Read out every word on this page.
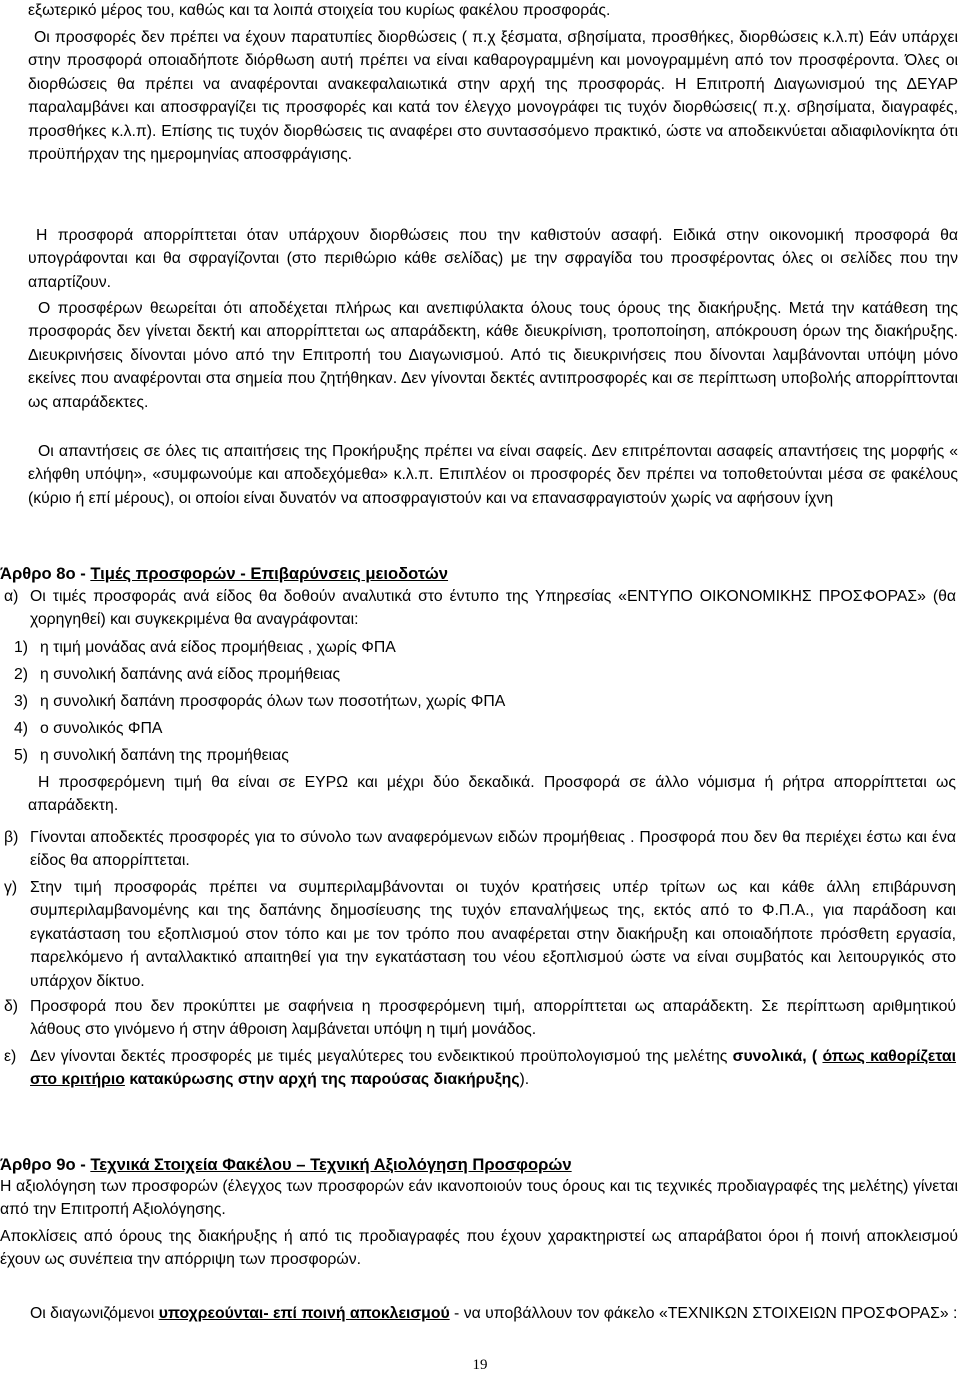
εξωτερικό μέρος του, καθώς και τα λοιπά στοιχεία του κυρίως φακέλου προσφοράς.

Οι προσφορές δεν πρέπει να έχουν παρατυπίες διορθώσεις ( π.χ ξέσματα, σβησίματα, προσθήκες, διορθώσεις κ.λ.π) Εάν υπάρχει στην προσφορά οποιαδήποτε διόρθωση αυτή πρέπει να είναι καθαρογραμμένη και μονογραμμένη από τον προσφέροντα. Όλες οι διορθώσεις θα πρέπει να αναφέρονται ανακεφαλαιωτικά στην αρχή της προσφοράς. Η Επιτροπή Διαγωνισμού της ΔΕΥΑΡ παραλαμβάνει και αποσφραγίζει τις προσφορές και κατά τον έλεγχο μονογράφει τις τυχόν διορθώσεις( π.χ. σβησίματα, διαγραφές, προσθήκες κ.λ.π). Επίσης τις τυχόν διορθώσεις τις αναφέρει στο συντασσόμενο πρακτικό, ώστε να αποδεικνύεται αδιαφιλονίκητα ότι προϋπήρχαν της ημερομηνίας αποσφράγισης.

Η προσφορά απορρίπτεται όταν υπάρχουν διορθώσεις που την καθιστούν ασαφή. Ειδικά στην οικονομική προσφορά θα υπογράφονται και θα σφραγίζονται (στο περιθώριο κάθε σελίδας) με την σφραγίδα του προσφέροντας όλες οι σελίδες που την απαρτίζουν.

Ο προσφέρων θεωρείται ότι αποδέχεται πλήρως και ανεπιφύλακτα όλους τους όρους της διακήρυξης. Μετά την κατάθεση της προσφοράς δεν γίνεται δεκτή και απορρίπτεται ως απαράδεκτη, κάθε διευκρίνιση, τροποποίηση, απόκρουση όρων της διακήρυξης. Διευκρινήσεις δίνονται μόνο από την Επιτροπή του Διαγωνισμού. Από τις διευκρινήσεις που δίνονται λαμβάνονται υπόψη μόνο εκείνες που αναφέρονται στα σημεία που ζητήθηκαν. Δεν γίνονται δεκτές αντιπροσφορές και σε περίπτωση υποβολής απορρίπτονται ως απαράδεκτες.

Οι απαντήσεις σε όλες τις απαιτήσεις της Προκήρυξης πρέπει να είναι σαφείς. Δεν επιτρέπονται ασαφείς απαντήσεις της μορφής « ελήφθη υπόψη», «συμφωνούμε και αποδεχόμεθα» κ.λ.π. Επιπλέον οι προσφορές δεν πρέπει να τοποθετούνται μέσα σε φακέλους (κύριο ή επί μέρους), οι οποίοι είναι δυνατόν να αποσφραγιστούν και να επανασφραγιστούν χωρίς να αφήσουν ίχνη

Άρθρο 8ο - Τιμές προσφορών - Επιβαρύνσεις μειοδοτών
α) Οι τιμές προσφοράς ανά είδος θα δοθούν αναλυτικά στο έντυπο της Υπηρεσίας «ΕΝΤΥΠΟ ΟΙΚΟΝΟΜΙΚΗΣ ΠΡΟΣΦΟΡΑΣ» (θα χορηγηθεί) και συγκεκριμένα θα αναγράφονται:
1) η τιμή μονάδας ανά είδος προμήθειας , χωρίς ΦΠΑ
2) η συνολική δαπάνης ανά είδος προμήθειας
3) η συνολική δαπάνη προσφοράς όλων των ποσοτήτων, χωρίς ΦΠΑ
4) ο συνολικός ΦΠΑ
5) η συνολική δαπάνη της προμήθειας

Η προσφερόμενη τιμή θα είναι σε ΕΥΡΩ και μέχρι δύο δεκαδικά. Προσφορά σε άλλο νόμισμα ή ρήτρα απορρίπτεται ως απαράδεκτη.

β) Γίνονται αποδεκτές προσφορές για το σύνολο των αναφερόμενων ειδών προμήθειας . Προσφορά που δεν θα περιέχει έστω και ένα είδος θα απορρίπτεται.
γ) Στην τιμή προσφοράς πρέπει να συμπεριλαμβάνονται οι τυχόν κρατήσεις υπέρ τρίτων ως και κάθε άλλη επιβάρυνση συμπεριλαμβανομένης και της δαπάνης δημοσίευσης της τυχόν επαναλήψεως της, εκτός από το Φ.Π.Α., για παράδοση και εγκατάσταση του εξοπλισμού στον τόπο και με τον τρόπο που αναφέρεται στην διακήρυξη και οποιαδήποτε πρόσθετη εργασία, παρελκόμενο ή ανταλλακτικό απαιτηθεί για την εγκατάσταση του νέου εξοπλισμού ώστε να είναι συμβατός και λειτουργικός στο υπάρχον δίκτυο.
δ) Προσφορά που δεν προκύπτει με σαφήνεια η προσφερόμενη τιμή, απορρίπτεται ως απαράδεκτη. Σε περίπτωση αριθμητικού λάθους στο γινόμενο ή στην άθροιση λαμβάνεται υπόψη η τιμή μονάδος.
ε) Δεν γίνονται δεκτές προσφορές με τιμές μεγαλύτερες του ενδεικτικού προϋπολογισμού της μελέτης συνολικά, ( όπως καθορίζεται στο κριτήριο κατακύρωσης στην αρχή της παρούσας διακήρυξης).
Άρθρο 9ο - Τεχνικά Στοιχεία Φακέλου – Τεχνική Αξιολόγηση Προσφορών

Η αξιολόγηση των προσφορών (έλεγχος των προσφορών εάν ικανοποιούν τους όρους και τις τεχνικές προδιαγραφές της μελέτης) γίνεται από την Επιτροπή Αξιολόγησης.

Αποκλίσεις από όρους της διακήρυξης ή από τις προδιαγραφές που έχουν χαρακτηριστεί ως απαράβατοι όροι ή ποινή αποκλεισμού έχουν ως συνέπεια την απόρριψη των προσφορών.

Οι διαγωνιζόμενοι υποχρεούνται- επί ποινή αποκλεισμού - να υποβάλλουν τον φάκελο «ΤΕΧΝΙΚΩΝ ΣΤΟΙΧΕΙΩΝ ΠΡΟΣΦΟΡΑΣ» :

19
